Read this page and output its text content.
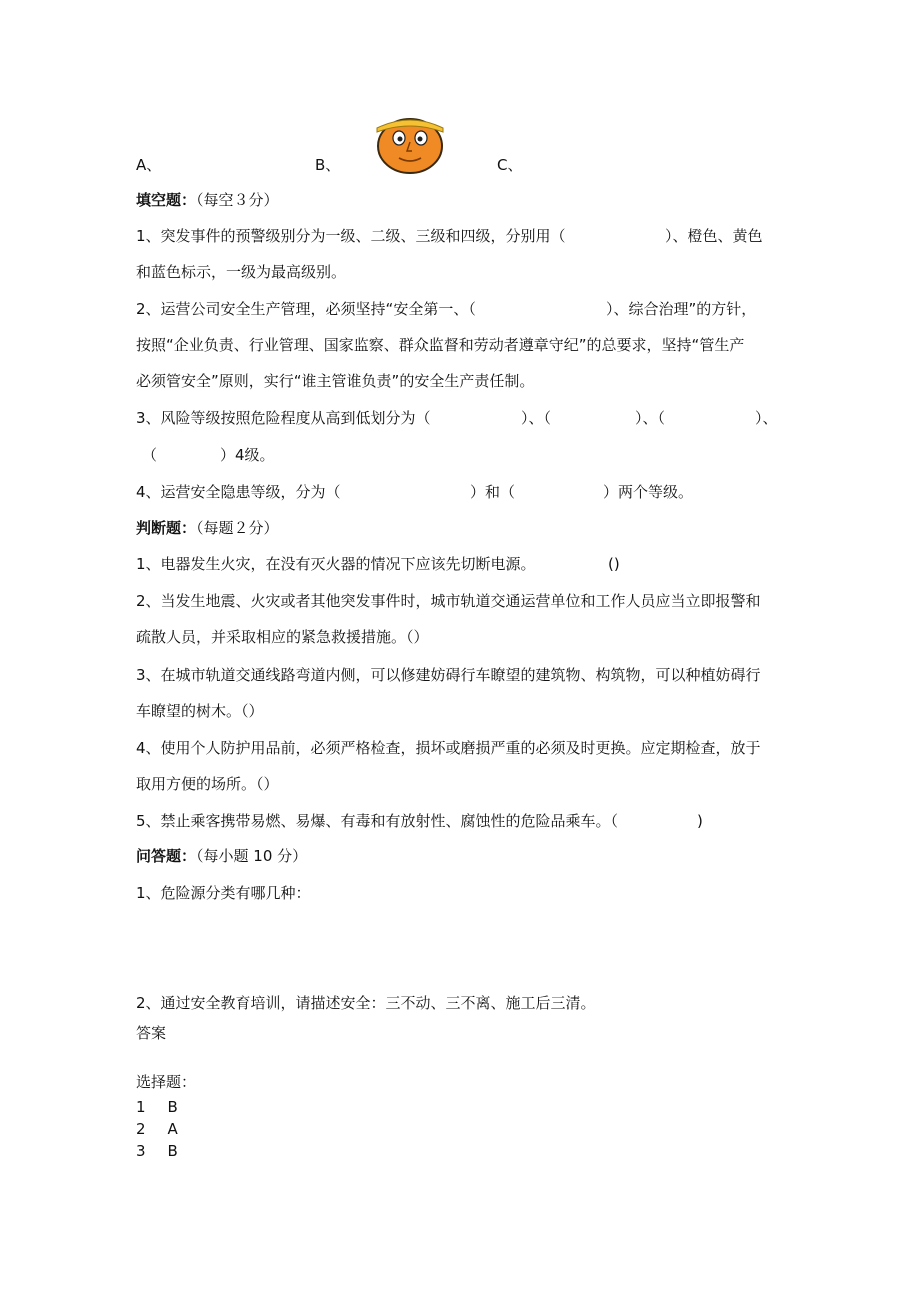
A、	B、	C、
填空题：（每空３分）
1、突发事件的预警级别分为一级、二级、三级和四级，分别用（	）、橙色、黄色
和蓝色标示，一级为最高级别。
2、运营公司安全生产管理，必须坚持“安全第一、（	）、综合治理”的方针，
按照“企业负责、行业管理、国家监察、群众监督和劳动者遵章守纪”的总要求，坚持“管生产
必须管安全”原则，实行“谁主管谁负责”的安全生产责任制。
3、风险等级按照危险程度从高到低划分为（	）、（	）、（	）、
（	）4级。
4、运营安全隐患等级，分为（	）和（	）两个等级。
判断题：（每题２分）
1、电器发生火灾，在没有灭火器的情况下应该先切断电源。	()
2、当发生地震、火灾或者其他突发事件时，城市轨道交通运营单位和工作人员应当立即报警和
疏散人员，并采取相应的紧急救援措施。（）
3、在城市轨道交通线路弯道内侧，可以修建妨碍行车瞭望的建筑物、构筑物，可以种植妨碍行
车瞭望的树木。（）
4、使用个人防护用品前，必须严格检查，损坏或磨损严重的必须及时更换。应定期检查，放于
取用方便的场所。（）
5、禁止乘客携带易燃、易爆、有毒和有放射性、腐蚀性的危险品乘车。（	)
问答题：（每小题 10 分）
1、危险源分类有哪几种：
2、通过安全教育培训，请描述安全：三不动、三不离、施工后三清。
答案
选择题：
1 B
2 A
3 B
